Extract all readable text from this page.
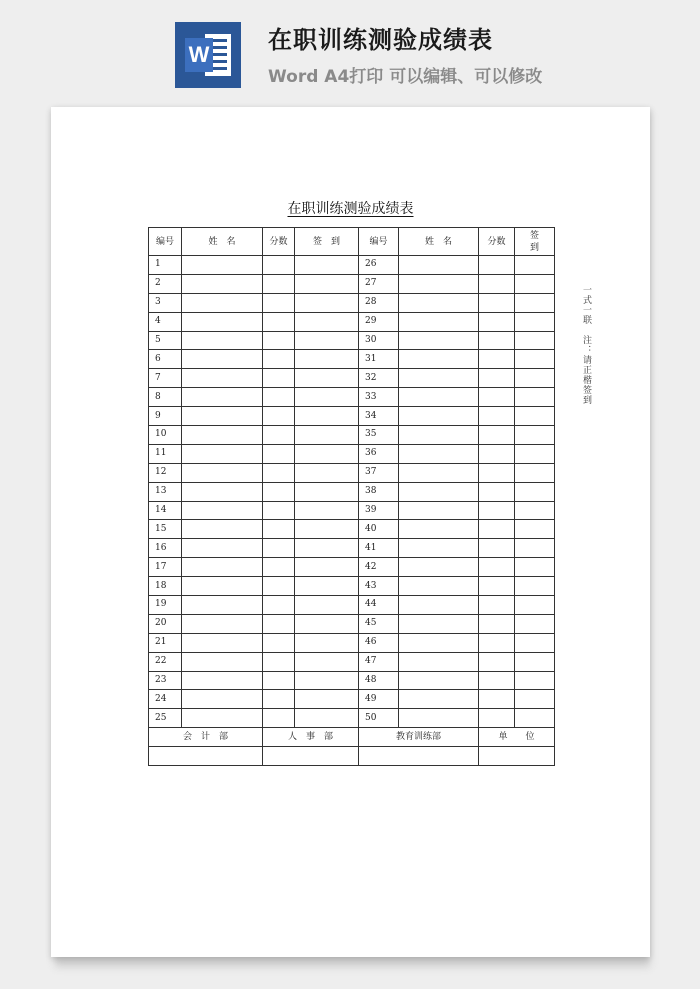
W
在职训练测验成绩表
Word A4打印 可以编辑、可以修改
在职训练测验成绩表
编号	姓　名	分数	签　到	编号	姓　名	分数	签到
1				26			
2				27			
3				28			
4				29			
5				30			
6				31			
7				32			
8				33			
9				34			
10				35			
11				36			
12				37			
13				38			
14				39			
15				40			
16				41			
17				42			
18				43			
19				44			
20				45			
21				46			
22				47			
23				48			
24				49			
25				50			
会　计　部		人　事　部		教育训练部		单　　位	

一式一联　注：请正楷签到
